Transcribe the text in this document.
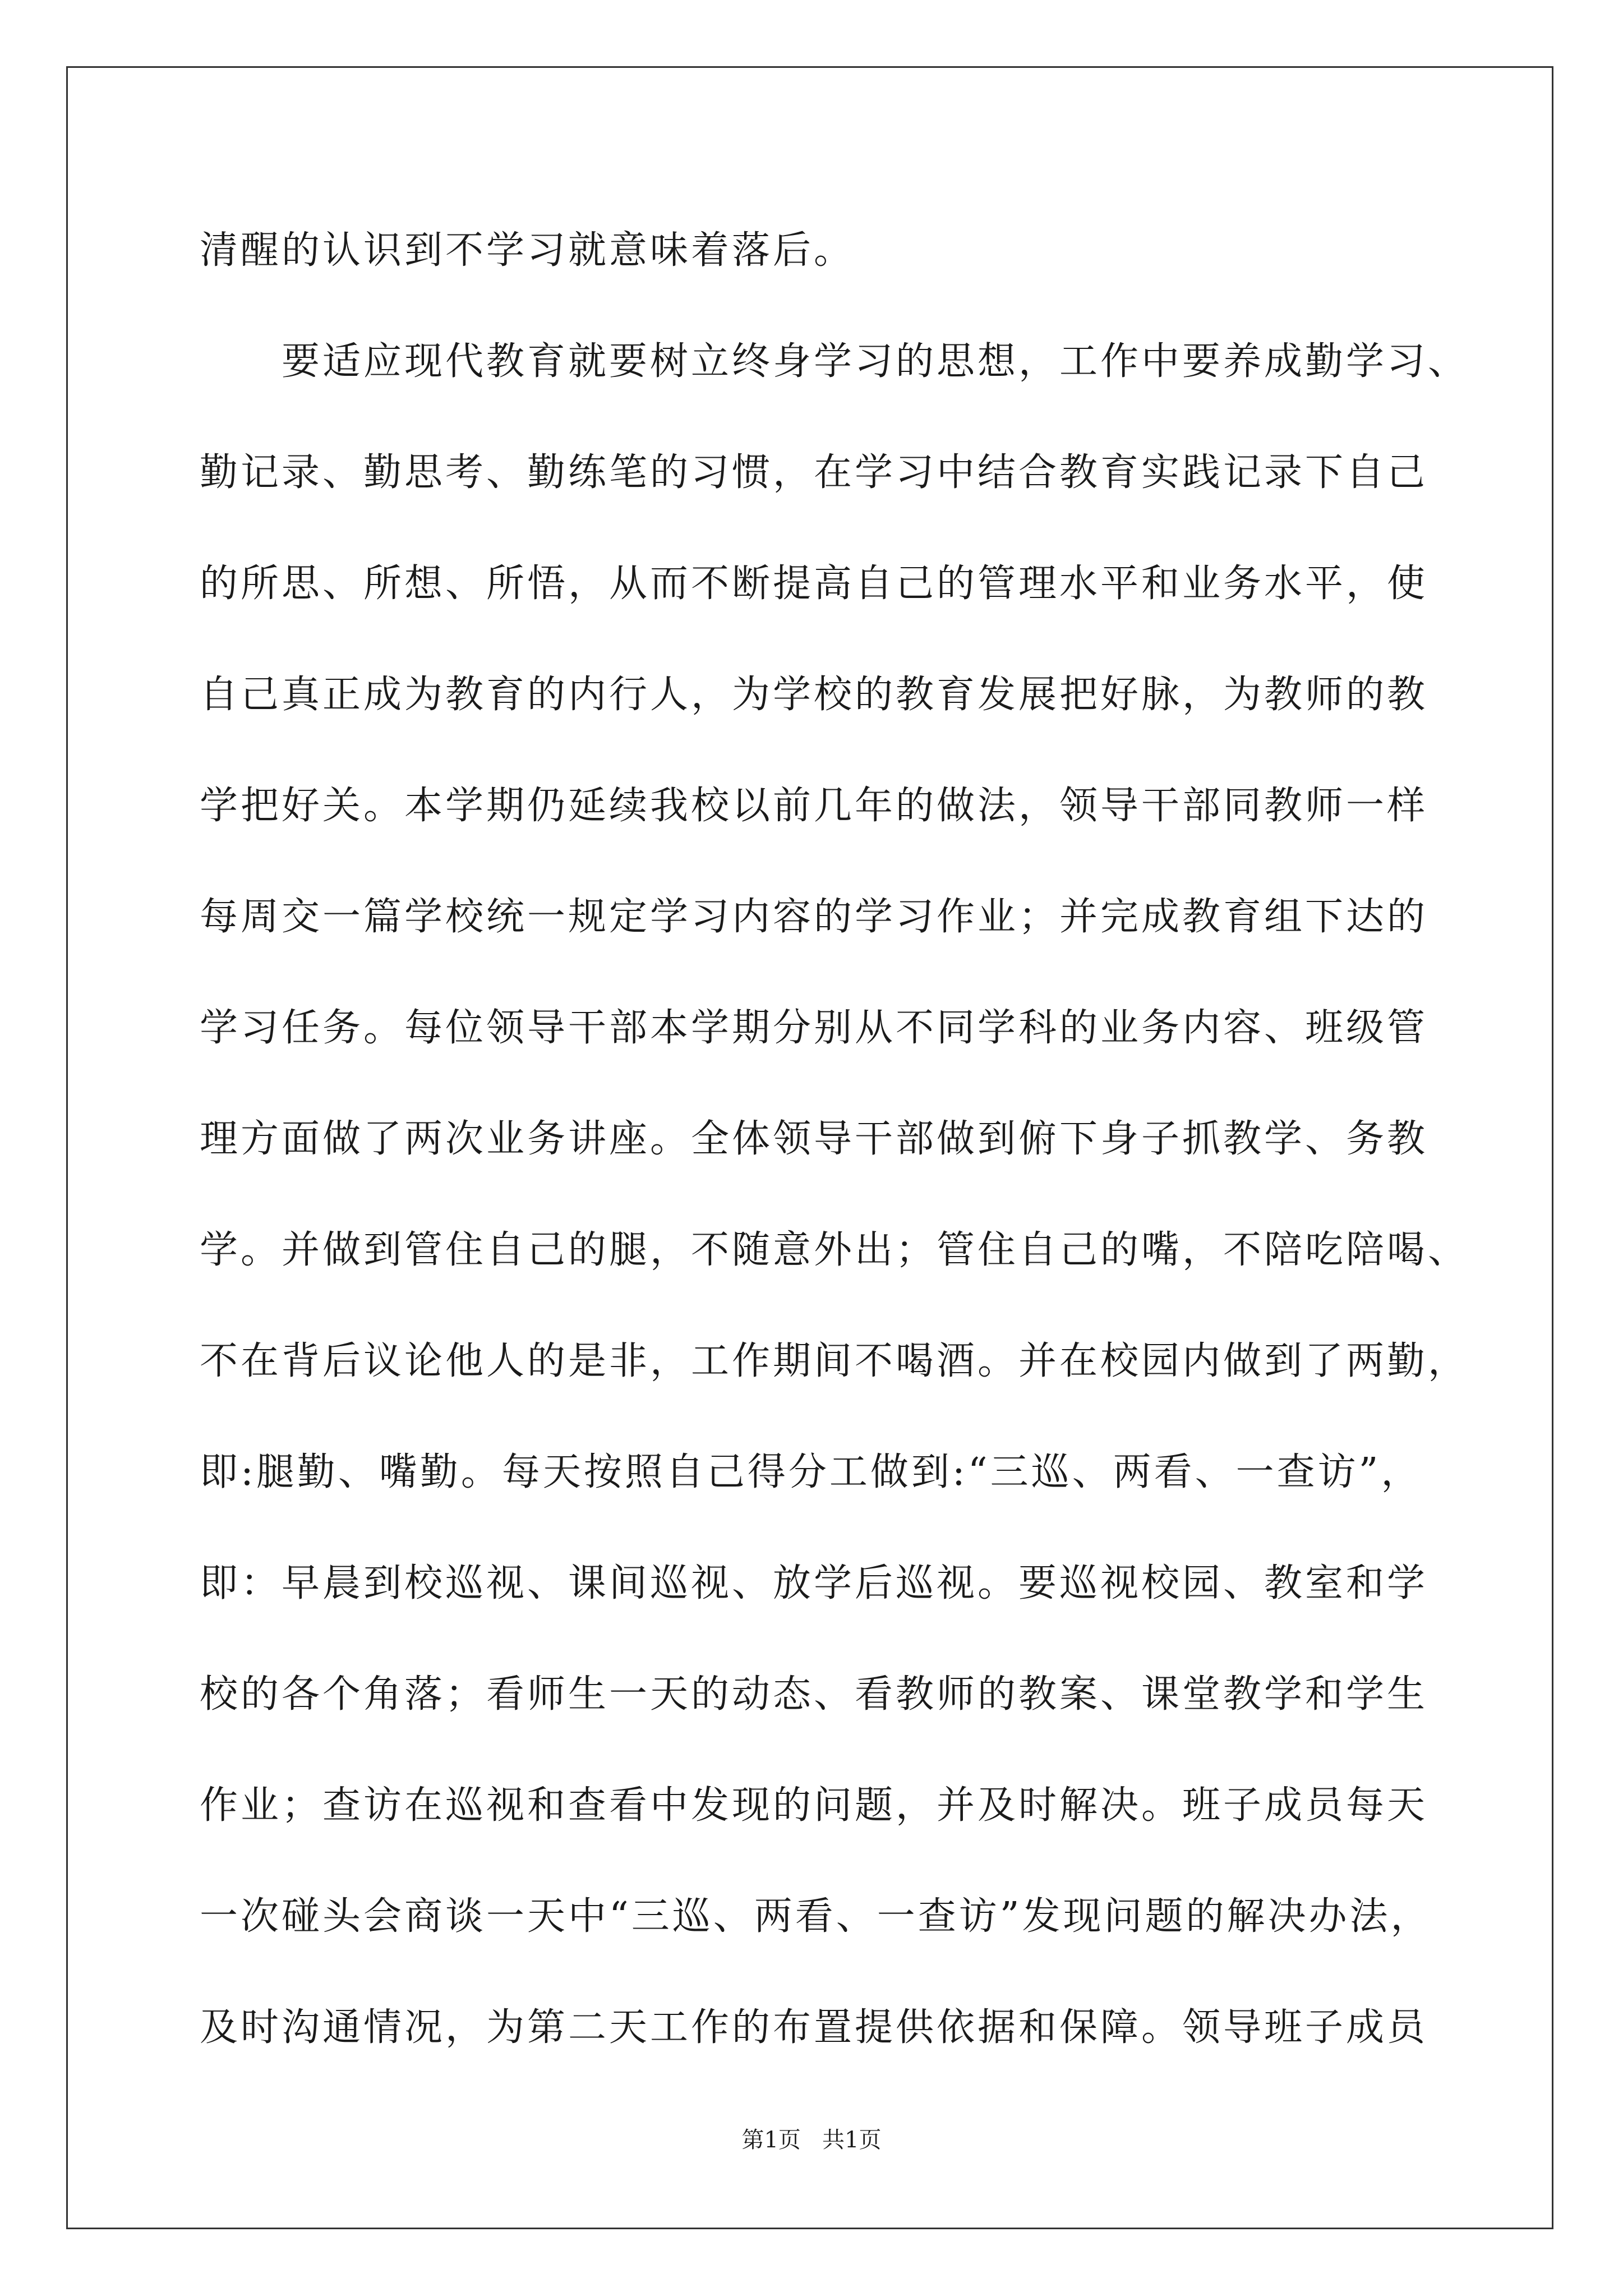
清醒的认识到不学习就意味着落后。
　　要适应现代教育就要树立终身学习的思想，工作中要养成勤学习、
勤记录、勤思考、勤练笔的习惯，在学习中结合教育实践记录下自己
的所思、所想、所悟，从而不断提高自己的管理水平和业务水平，使
自己真正成为教育的内行人，为学校的教育发展把好脉，为教师的教
学把好关。本学期仍延续我校以前几年的做法，领导干部同教师一样
每周交一篇学校统一规定学习内容的学习作业；并完成教育组下达的
学习任务。每位领导干部本学期分别从不同学科的业务内容、班级管
理方面做了两次业务讲座。全体领导干部做到俯下身子抓教学、务教
学。并做到管住自己的腿，不随意外出；管住自己的嘴，不陪吃陪喝、
不在背后议论他人的是非，工作期间不喝酒。并在校园内做到了两勤，
即:腿勤、嘴勤。每天按照自己得分工做到:“三巡、两看、一查访”，
即：早晨到校巡视、课间巡视、放学后巡视。要巡视校园、教室和学
校的各个角落；看师生一天的动态、看教师的教案、课堂教学和学生
作业；查访在巡视和查看中发现的问题，并及时解决。班子成员每天
一次碰头会商谈一天中“三巡、两看、一查访”发现问题的解决办法，
及时沟通情况，为第二天工作的布置提供依据和保障。领导班子成员
第1页   共1页
